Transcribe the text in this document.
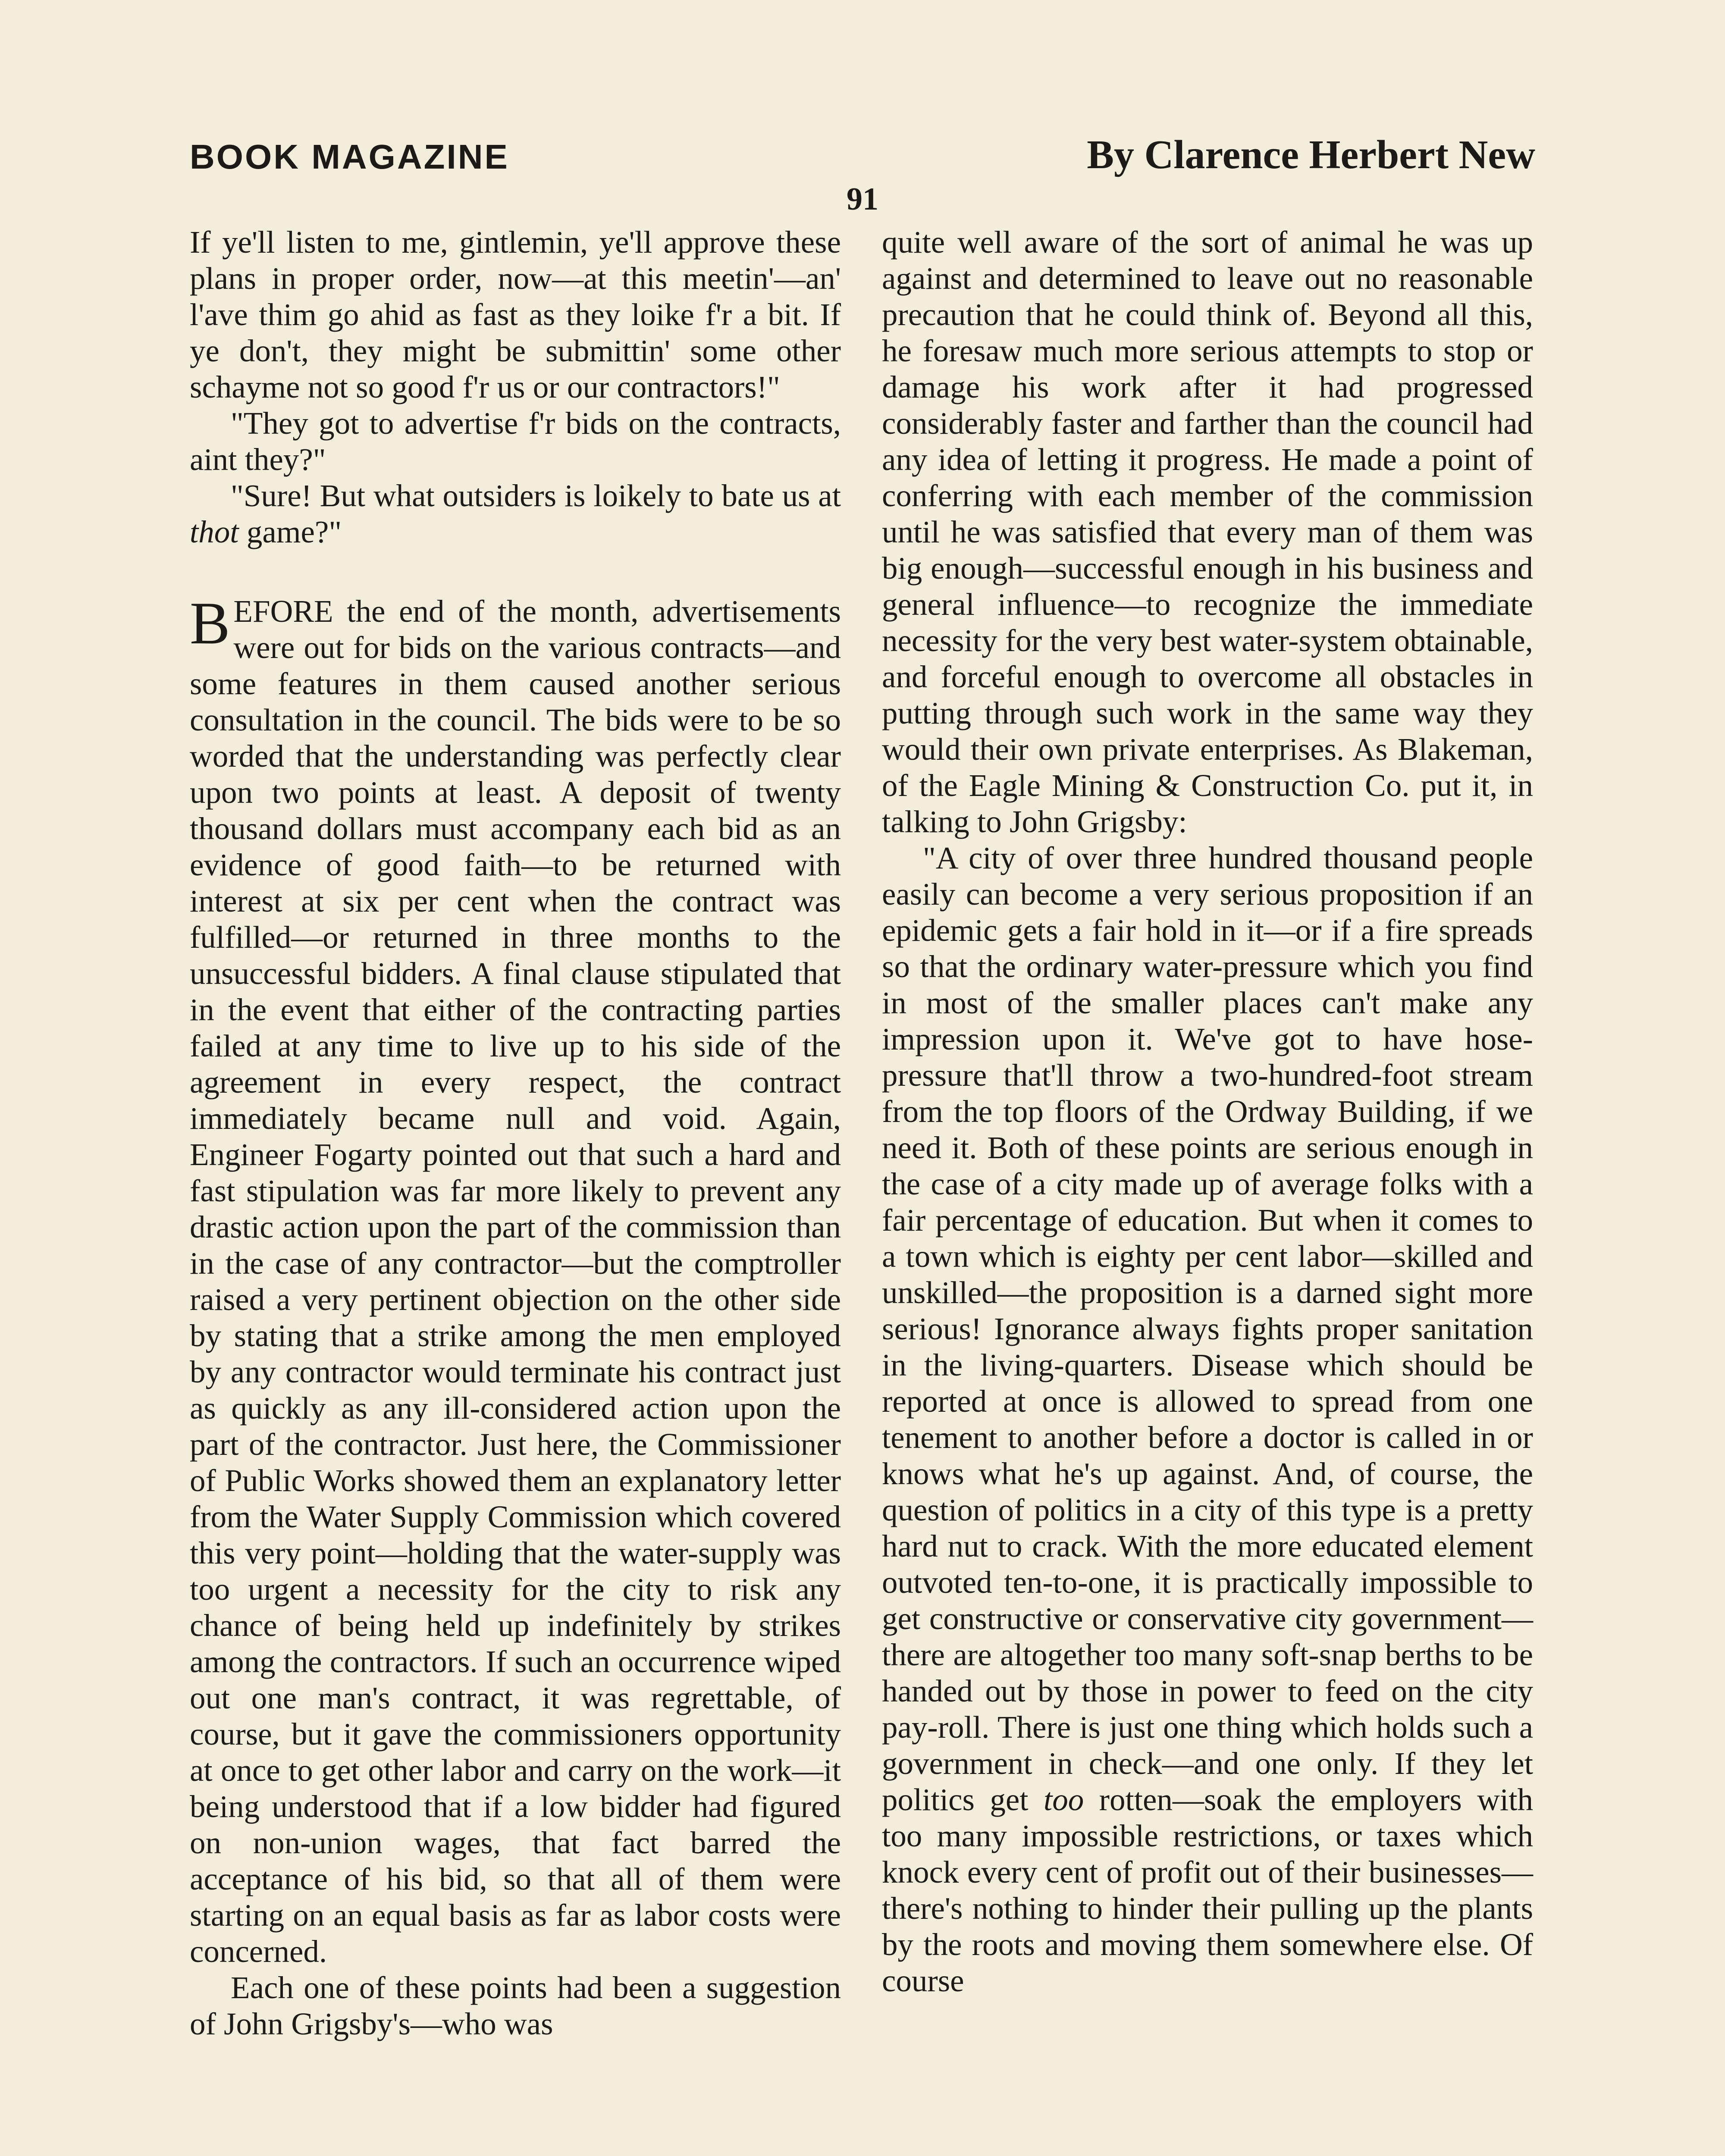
BOOK MAGAZINE	By Clarence Herbert New
91

If ye'll listen to me, gintlemin, ye'll approve these plans in proper order, now—at this meetin'—an' l'ave thim go ahid as fast as they loike f'r a bit. If ye don't, they might be submittin' some other schayme not so good f'r us or our contractors!"

"They got to advertise f'r bids on the contracts, aint they?"

"Sure! But what outsiders is loikely to bate us at thot game?"

BEFORE the end of the month, advertisements were out for bids on the various contracts—and some features in them caused another serious consultation in the council. The bids were to be so worded that the understanding was perfectly clear upon two points at least. A deposit of twenty thousand dollars must accompany each bid as an evidence of good faith—to be returned with interest at six per cent when the contract was fulfilled—or returned in three months to the unsuccessful bidders. A final clause stipulated that in the event that either of the contracting parties failed at any time to live up to his side of the agreement in every respect, the contract immediately became null and void. Again, Engineer Fogarty pointed out that such a hard and fast stipulation was far more likely to prevent any drastic action upon the part of the commission than in the case of any contractor—but the comptroller raised a very pertinent objection on the other side by stating that a strike among the men employed by any contractor would terminate his contract just as quickly as any ill-considered action upon the part of the contractor. Just here, the Commissioner of Public Works showed them an explanatory letter from the Water Supply Commission which covered this very point—holding that the water-supply was too urgent a necessity for the city to risk any chance of being held up indefinitely by strikes among the contractors. If such an occurrence wiped out one man's contract, it was regrettable, of course, but it gave the commissioners opportunity at once to get other labor and carry on the work—it being understood that if a low bidder had figured on non-union wages, that fact barred the acceptance of his bid, so that all of them were starting on an equal basis as far as labor costs were concerned.

Each one of these points had been a suggestion of John Grigsby's—who was

quite well aware of the sort of animal he was up against and determined to leave out no reasonable precaution that he could think of. Beyond all this, he foresaw much more serious attempts to stop or damage his work after it had progressed considerably faster and farther than the council had any idea of letting it progress. He made a point of conferring with each member of the commission until he was satisfied that every man of them was big enough—successful enough in his business and general influence—to recognize the immediate necessity for the very best water-system obtainable, and forceful enough to overcome all obstacles in putting through such work in the same way they would their own private enterprises. As Blakeman, of the Eagle Mining & Construction Co. put it, in talking to John Grigsby:

"A city of over three hundred thousand people easily can become a very serious proposition if an epidemic gets a fair hold in it—or if a fire spreads so that the ordinary water-pressure which you find in most of the smaller places can't make any impression upon it. We've got to have hose-pressure that'll throw a two-hundred-foot stream from the top floors of the Ordway Building, if we need it. Both of these points are serious enough in the case of a city made up of average folks with a fair percentage of education. But when it comes to a town which is eighty per cent labor—skilled and unskilled—the proposition is a darned sight more serious! Ignorance always fights proper sanitation in the living-quarters. Disease which should be reported at once is allowed to spread from one tenement to another before a doctor is called in or knows what he's up against. And, of course, the question of politics in a city of this type is a pretty hard nut to crack. With the more educated element outvoted ten-to-one, it is practically impossible to get constructive or conservative city government—there are altogether too many soft-snap berths to be handed out by those in power to feed on the city pay-roll. There is just one thing which holds such a government in check—and one only. If they let politics get too rotten—soak the employers with too many impossible restrictions, or taxes which knock every cent of profit out of their businesses—there's nothing to hinder their pulling up the plants by the roots and moving them somewhere else. Of course
